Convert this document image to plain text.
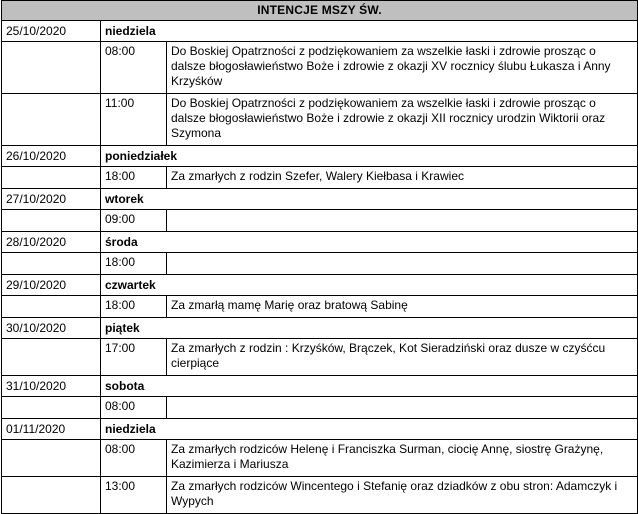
INTENCJE MSZY ŚW.		
25/10/2020	niedziela	
	08:00	Do Boskiej Opatrzności z podziękowaniem za wszelkie łaski i zdrowie prosząc o dalsze błogosławieństwo Boże i zdrowie z okazji XV rocznicy ślubu Łukasza i Anny Krzyśków
	11:00	Do Boskiej Opatrzności z podziękowaniem za wszelkie łaski i zdrowie prosząc o dalsze błogosławieństwo Boże i zdrowie z okazji XII rocznicy urodzin Wiktorii oraz Szymona
26/10/2020	poniedziałek	
	18:00	Za zmarłych z rodzin Szefer, Walery Kiełbasa i Krawiec
27/10/2020	wtorek	
	09:00	
28/10/2020	środa	
	18:00	
29/10/2020	czwartek	
	18:00	Za zmarłą mamę Marię oraz bratową Sabinę
30/10/2020	piątek	
	17:00	Za zmarłych z rodzin : Krzyśków, Brączek, Kot Sieradziński oraz dusze w czyśćcu cierpiące
31/10/2020	sobota	
	08:00	
01/11/2020	niedziela	
	08:00	Za zmarłych rodziców Helenę i Franciszka Surman, ciocię Annę, siostrę Grażynę, Kazimierza i Mariusza
	13:00	Za zmarłych rodziców Wincentego i Stefanię oraz dziadków z obu stron: Adamczyk i Wypych
